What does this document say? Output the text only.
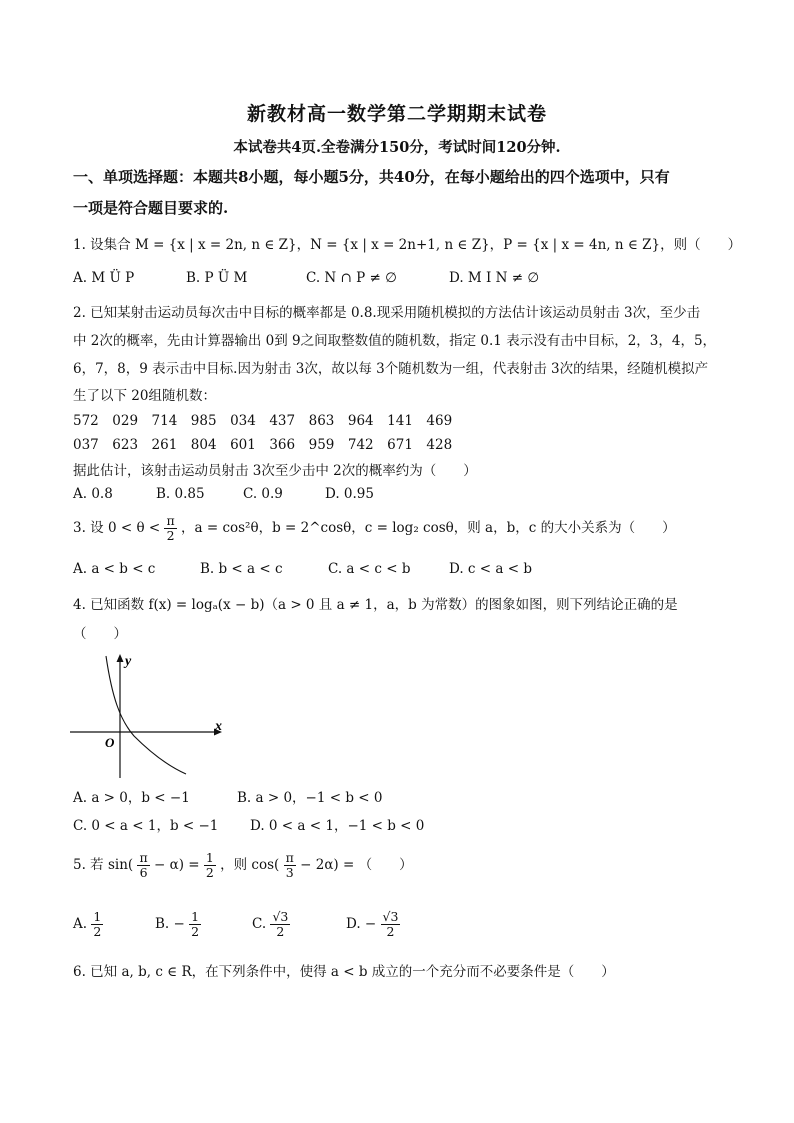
新教材高一数学第二学期期末试卷
本试卷共4页.全卷满分150分，考试时间120分钟.
一、单项选择题：本题共8小题，每小题5分，共40分，在每小题给出的四个选项中，只有
一项是符合题目要求的.
1. 设集合 M = {x | x = 2n, n ∈ Z}，N = {x | x = 2n+1, n ∈ Z}，P = {x | x = 4n, n ∈ Z}，则（　　）
A. M Ü P	B. P Ü M	C. N ∩ P ≠ ∅	D. M Ⅰ N ≠ ∅
2. 已知某射击运动员每次击中目标的概率都是 0.8.现采用随机模拟的方法估计该运动员射击 3次，至少击
中 2次的概率，先由计算器输出 0到 9之间取整数值的随机数，指定 0.1 表示没有击中目标，2，3，4，5，
6，7，8，9 表示击中目标.因为射击 3次，故以每 3个随机数为一组，代表射击 3次的结果，经随机模拟产
生了以下 20组随机数：
572　029　714　985　034　437　863　964　141　469
037　623　261　804　601　366　959　742　671　428
据此估计，该射击运动员射击 3次至少击中 2次的概率约为（　　）
A. 0.8	B. 0.85	C. 0.9	D. 0.95
3. 设 $0 < \theta < \frac{\pi}{2}$ ，a = cos²θ，b = 2^cosθ，c = log₂ cosθ，则 a，b，c 的大小关系为（　　）
A. a < b < c	B. b < a < c	C. a < c < b	D. c < a < b
4. 已知函数 f(x) = logₐ(x − b)（a > 0 且 a ≠ 1，a，b 为常数）的图象如图，则下列结论正确的是
（　　）
x
y
O
A. a > 0，b < −1	B. a > 0，−1 < b < 0
C. 0 < a < 1，b < −1 D. 0 < a < 1，−1 < b < 0
5. 若 $\sin( \frac{\pi}{6} - \alpha) = \frac{1}{2}$ ，则 $\cos( \frac{\pi}{3} - 2\alpha)$ = （　　）
A. $\frac{1}{2}$	B. − $\frac{1}{2}$	C. $\frac{√3}{2}$	D. − $\frac{√3}{2}$
6. 已知 a, b, c ∈ R，在下列条件中，使得 a < b 成立的一个充分而不必要条件是（　　）
